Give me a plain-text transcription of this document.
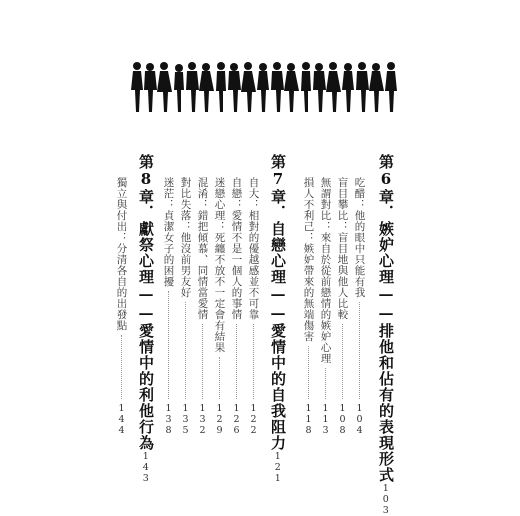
第6章．嫉妒心理
——排他和佔有的表現形式
103
吃醋：他的眼中只能有我
104
盲目攀比：盲目地與他人比較
108
無謂對比：來自於從前戀情的嫉妒心理
113
損人不利己：嫉妒帶來的無端傷害
118
第7章．自戀心理
——愛情中的自我阻力
121
自大：相對的優越感並不可靠
122
自戀：愛情不是一個人的事情
126
迷戀心理：死纏不放不一定會有結果
129
混淆：錯把傾慕、同情當愛情
132
對比失落：他沒前男友好
135
迷茫：貞潔女子的困擾
138
第8章．獻祭心理
——愛情中的利他行為
143
獨立與付出：分清各自的出發點
144
